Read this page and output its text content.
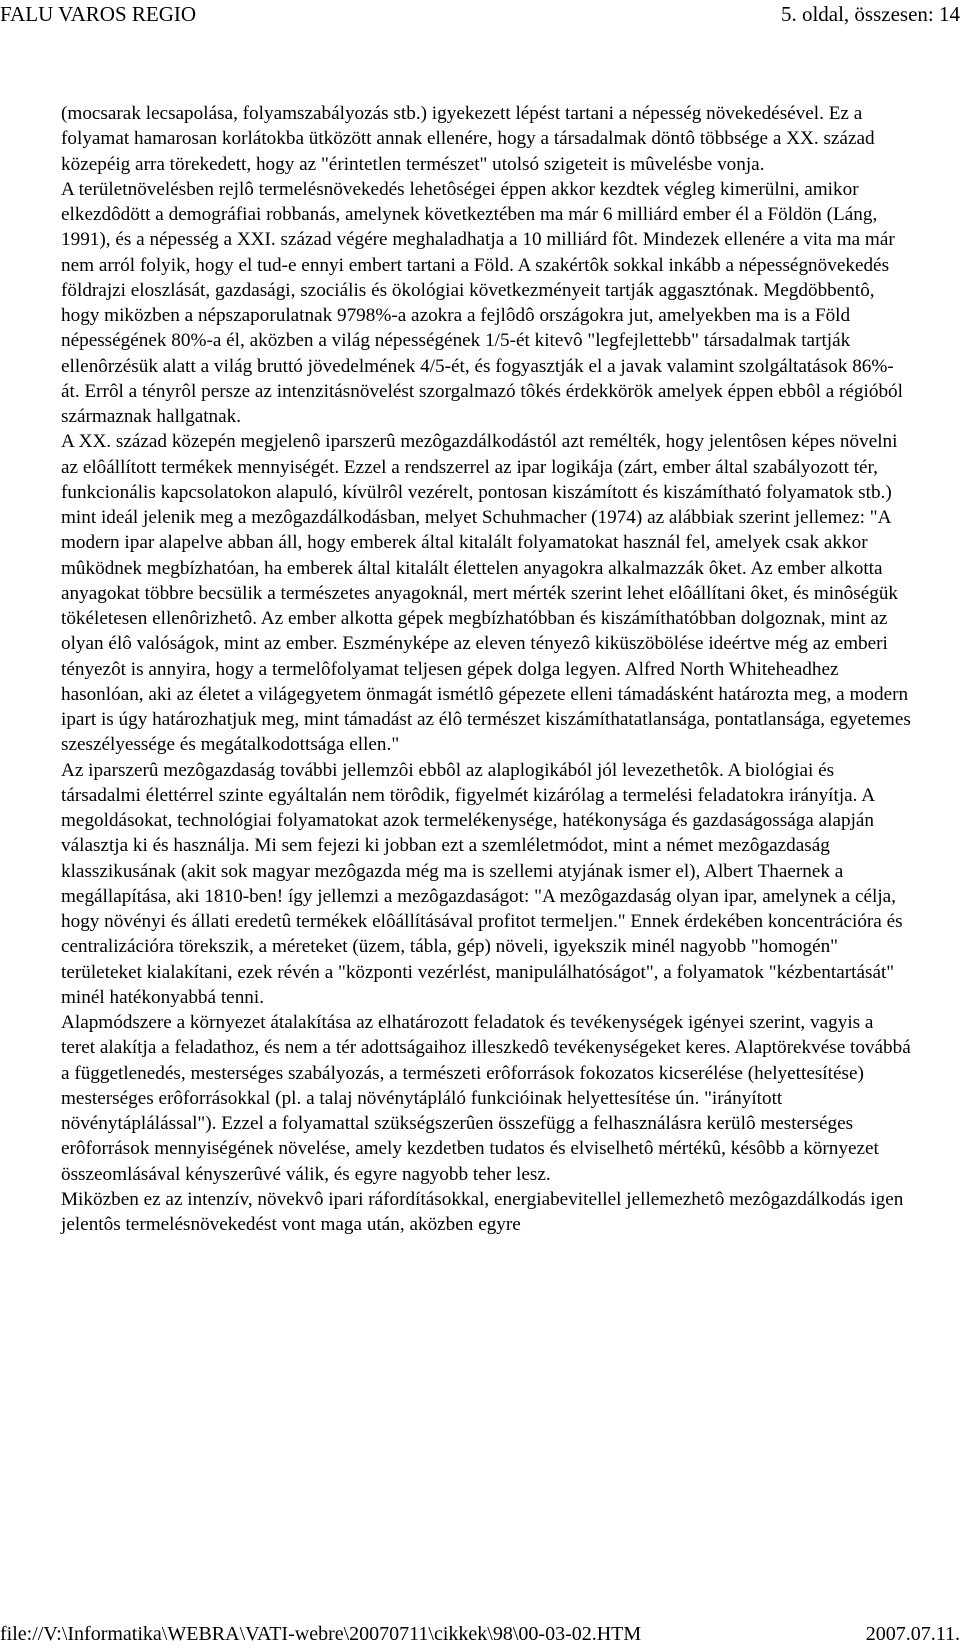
FALU VAROS REGIO	5. oldal, összesen: 14

(mocsarak lecsapolása, folyamszabályozás stb.) igyekezett lépést tartani a népesség növekedésével. Ez a folyamat hamarosan korlátokba ütközött annak ellenére, hogy a társadalmak döntô többsége a XX. század közepéig arra törekedett, hogy az "érintetlen természet" utolsó szigeteit is mûvelésbe vonja.

A területnövelésben rejlô termelésnövekedés lehetôségei éppen akkor kezdtek végleg kimerülni, amikor elkezdôdött a demográfiai robbanás, amelynek következtében ma már 6 milliárd ember él a Földön (Láng, 1991), és a népesség a XXI. század végére meghaladhatja a 10 milliárd fôt. Mindezek ellenére a vita ma már nem arról folyik, hogy el tud-e ennyi embert tartani a Föld. A szakértôk sokkal inkább a népességnövekedés földrajzi eloszlását, gazdasági, szociális és ökológiai következményeit tartják aggasztónak. Megdöbbentô, hogy miközben a népszaporulatnak 9798%-a azokra a fejlôdô országokra jut, amelyekben ma is a Föld népességének 80%-a él, aközben a világ népességének 1/5-ét kitevô "legfejlettebb" társadalmak tartják ellenôrzésük alatt a világ bruttó jövedelmének 4/5-ét, és fogyasztják el a javak valamint szolgáltatások 86%-át. Errôl a tényrôl persze az intenzitásnövelést szorgalmazó tôkés érdekkörök amelyek éppen ebbôl a régióból származnak hallgatnak.

A XX. század közepén megjelenô iparszerû mezôgazdálkodástól azt remélték, hogy jelentôsen képes növelni az elôállított termékek mennyiségét. Ezzel a rendszerrel az ipar logikája (zárt, ember által szabályozott tér, funkcionális kapcsolatokon alapuló, kívülrôl vezérelt, pontosan kiszámított és kiszámítható folyamatok stb.) mint ideál jelenik meg a mezôgazdálkodásban, melyet Schuhmacher (1974) az alábbiak szerint jellemez: "A modern ipar alapelve abban áll, hogy emberek által kitalált folyamatokat használ fel, amelyek csak akkor mûködnek megbízhatóan, ha emberek által kitalált élettelen anyagokra alkalmazzák ôket. Az ember alkotta anyagokat többre becsülik a természetes anyagoknál, mert mérték szerint lehet elôállítani ôket, és minôségük tökéletesen ellenôrizhetô. Az ember alkotta gépek megbízhatóbban és kiszámíthatóbban dolgoznak, mint az olyan élô valóságok, mint az ember. Eszményképe az eleven tényezô kiküszöbölése ideértve még az emberi tényezôt is annyira, hogy a termelôfolyamat teljesen gépek dolga legyen. Alfred North Whiteheadhez hasonlóan, aki az életet a világegyetem önmagát ismétlô gépezete elleni támadásként határozta meg, a modern ipart is úgy határozhatjuk meg, mint támadást az élô természet kiszámíthatatlansága, pontatlansága, egyetemes szeszélyessége és megátalkodottsága ellen."

Az iparszerû mezôgazdaság további jellemzôi ebbôl az alaplogikából jól levezethetôk. A biológiai és társadalmi élettérrel szinte egyáltalán nem törôdik, figyelmét kizárólag a termelési feladatokra irányítja. A megoldásokat, technológiai folyamatokat azok termelékenysége, hatékonysága és gazdaságossága alapján választja ki és használja. Mi sem fejezi ki jobban ezt a szemléletmódot, mint a német mezôgazdaság klasszikusának (akit sok magyar mezôgazda még ma is szellemi atyjának ismer el), Albert Thaernek a megállapítása, aki 1810-ben! így jellemzi a mezôgazdaságot: "A mezôgazdaság olyan ipar, amelynek a célja, hogy növényi és állati eredetû termékek elôállításával profitot termeljen." Ennek érdekében koncentrációra és centralizációra törekszik, a méreteket (üzem, tábla, gép) növeli, igyekszik minél nagyobb "homogén" területeket kialakítani, ezek révén a "központi vezérlést, manipulálhatóságot", a folyamatok "kézbentartását" minél hatékonyabbá tenni.

Alapmódszere a környezet átalakítása az elhatározott feladatok és tevékenységek igényei szerint, vagyis a teret alakítja a feladathoz, és nem a tér adottságaihoz illeszkedô tevékenységeket keres. Alaptörekvése továbbá a függetlenedés, mesterséges szabályozás, a természeti erôforrások fokozatos kicserélése (helyettesítése) mesterséges erôforrásokkal (pl. a talaj növénytápláló funkcióinak helyettesítése ún. "irányított növénytáplálással"). Ezzel a folyamattal szükségszerûen összefügg a felhasználásra kerülô mesterséges erôforrások mennyiségének növelése, amely kezdetben tudatos és elviselhetô mértékû, késôbb a környezet összeomlásával kényszerûvé válik, és egyre nagyobb teher lesz.

Miközben ez az intenzív, növekvô ipari ráfordításokkal, energiabevitellel jellemezhetô mezôgazdálkodás igen jelentôs termelésnövekedést vont maga után, aközben egyre

file://V:\Informatika\WEBRA\VATI-webre\20070711\cikkek\98\00-03-02.HTM	2007.07.11.
